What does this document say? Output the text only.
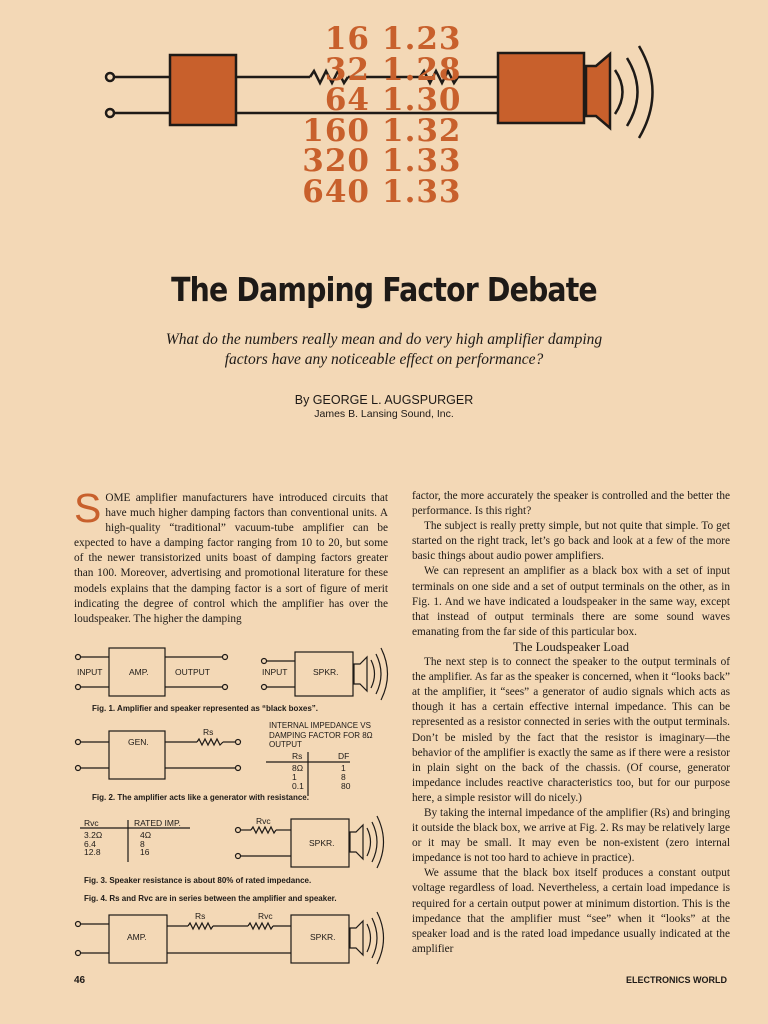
16 1.23
32 1.28
64 1.30
160 1.32
320 1.33
640 1.33
The Damping Factor Debate
What do the numbers really mean and do very high amplifier damping factors have any noticeable effect on performance?
By GEORGE L. AUGSPURGER
James B. Lansing Sound, Inc.
S OME amplifier manufacturers have introduced circuits that have much higher damping factors than conventional units. A high-quality “traditional” vacuum-tube amplifier can be expected to have a damping factor ranging from 10 to 20, but some of the newer transistorized units boast of damping factors greater than 100. Moreover, advertising and promotional literature for these models explains that the damping factor is a sort of figure of merit indicating the degree of control which the amplifier has over the loudspeaker. The higher the damping

INPUT	AMP.	OUTPUT	INPUT	SPKR.
Fig. 1. Amplifier and speaker represented as “black boxes”.
GEN.
Rs
INTERNAL IMPEDANCE VS DAMPING FACTOR FOR 8Ω OUTPUT
Rs	DF
8Ω	1
1	8
0.1	80
Fig. 2. The amplifier acts like a generator with resistance.
Rvc	RATED IMP.
3.2Ω	4Ω
6.4	8
12.8	16
Rvc
SPKR.
Fig. 3. Speaker resistance is about 80% of rated impedance.
Fig. 4. Rs and Rvc are in series between the amplifier and speaker.
Rs	Rvc
AMP.	SPKR.

factor, the more accurately the speaker is controlled and the better the performance. Is this right?

The subject is really pretty simple, but not quite that simple. To get started on the right track, let’s go back and look at a few of the more basic things about audio power amplifiers.

We can represent an amplifier as a black box with a set of input terminals on one side and a set of output terminals on the other, as in Fig. 1. And we have indicated a loudspeaker in the same way, except that instead of output terminals there are some sound waves emanating from the far side of this particular box.

The Loudspeaker Load

The next step is to connect the speaker to the output terminals of the amplifier. As far as the speaker is concerned, when it “looks back” at the amplifier, it “sees” a generator of audio signals which acts as though it has a certain effective internal impedance. This can be represented as a resistor connected in series with the output terminals. Don’t be misled by the fact that the resistor is imaginary—the behavior of the amplifier is exactly the same as if there were a resistor in plain sight on the back of the chassis. (Of course, generator impedance includes reactive characteristics too, but for our purpose here, a simple resistor will do nicely.)

By taking the internal impedance of the amplifier (Rs) and bringing it outside the black box, we arrive at Fig. 2. Rs may be relatively large or it may be small. It may even be non-existent (zero internal impedance is not too hard to achieve in practice).

We assume that the black box itself produces a constant output voltage regardless of load. Nevertheless, a certain load impedance is required for a certain output power at minimum distortion. This is the impedance that the amplifier must “see” when it “looks” at the speaker load and is the rated load impedance usually indicated at the amplifier

46	ELECTRONICS WORLD
